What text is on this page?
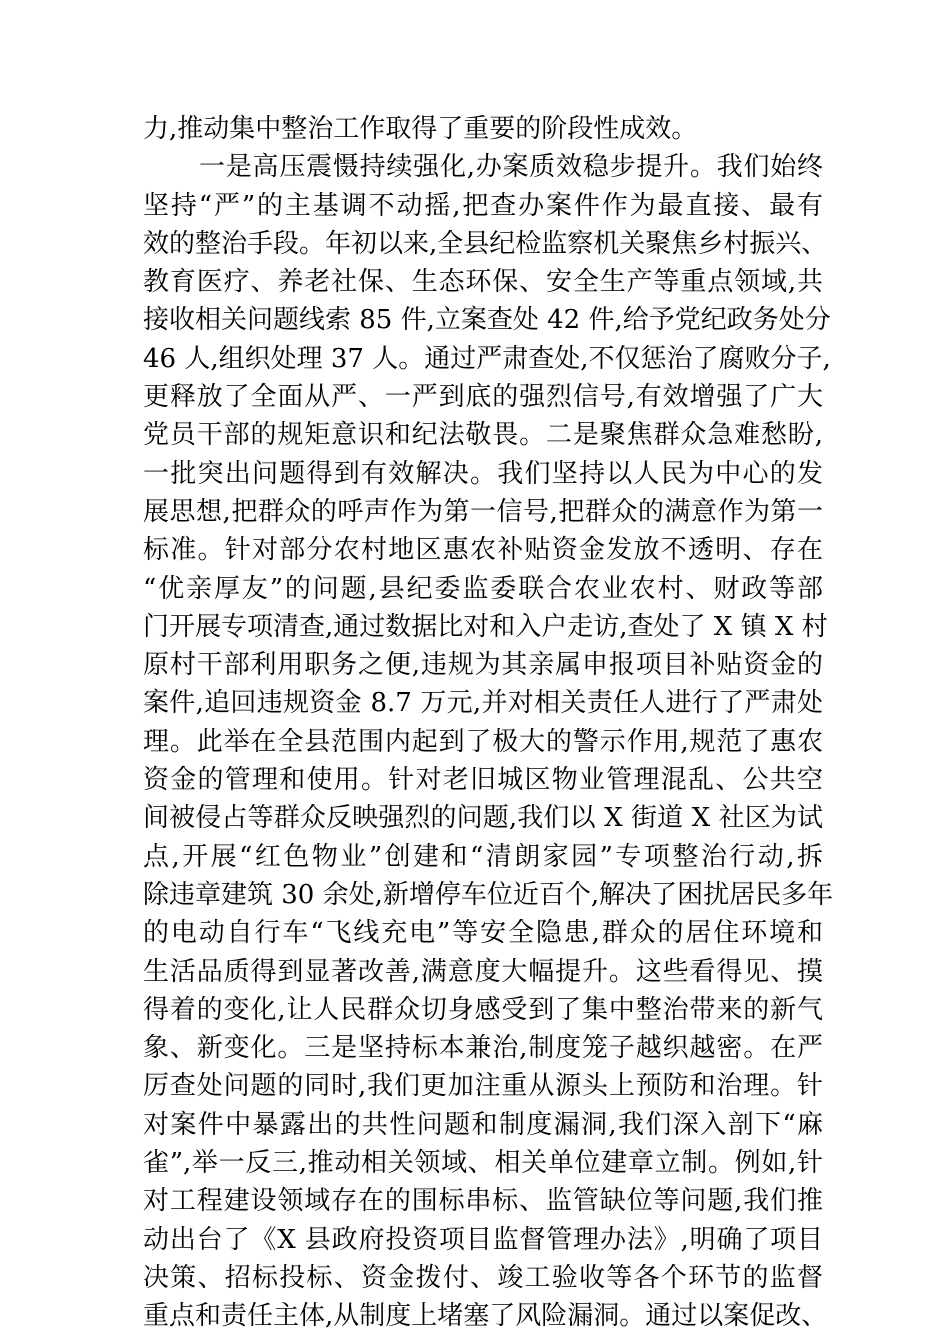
力,推动集中整治工作取得了重要的阶段性成效。
一是高压震慑持续强化,办案质效稳步提升。我们始终
坚持“严”的主基调不动摇,把查办案件作为最直接、最有
效的整治手段。年初以来,全县纪检监察机关聚焦乡村振兴、
教育医疗、养老社保、生态环保、安全生产等重点领域,共
接收相关问题线索 85 件,立案查处 42 件,给予党纪政务处分
46 人,组织处理 37 人。通过严肃查处,不仅惩治了腐败分子,
更释放了全面从严、一严到底的强烈信号,有效增强了广大
党员干部的规矩意识和纪法敬畏。二是聚焦群众急难愁盼,
一批突出问题得到有效解决。我们坚持以人民为中心的发
展思想,把群众的呼声作为第一信号,把群众的满意作为第一
标准。针对部分农村地区惠农补贴资金发放不透明、存在
“优亲厚友”的问题,县纪委监委联合农业农村、财政等部
门开展专项清查,通过数据比对和入户走访,查处了 X 镇 X 村
原村干部利用职务之便,违规为其亲属申报项目补贴资金的
案件,追回违规资金 8.7 万元,并对相关责任人进行了严肃处
理。此举在全县范围内起到了极大的警示作用,规范了惠农
资金的管理和使用。针对老旧城区物业管理混乱、公共空
间被侵占等群众反映强烈的问题,我们以 X 街道 X 社区为试
点,开展“红色物业”创建和“清朗家园”专项整治行动,拆
除违章建筑 30 余处,新增停车位近百个,解决了困扰居民多年
的电动自行车“飞线充电”等安全隐患,群众的居住环境和
生活品质得到显著改善,满意度大幅提升。这些看得见、摸
得着的变化,让人民群众切身感受到了集中整治带来的新气
象、新变化。三是坚持标本兼治,制度笼子越织越密。在严
厉查处问题的同时,我们更加注重从源头上预防和治理。针
对案件中暴露出的共性问题和制度漏洞,我们深入剖下“麻
雀”,举一反三,推动相关领域、相关单位建章立制。例如,针
对工程建设领域存在的围标串标、监管缺位等问题,我们推
动出台了《X 县政府投资项目监督管理办法》,明确了项目
决策、招标投标、资金拨付、竣工验收等各个环节的监督
重点和责任主体,从制度上堵塞了风险漏洞。通过以案促改、
